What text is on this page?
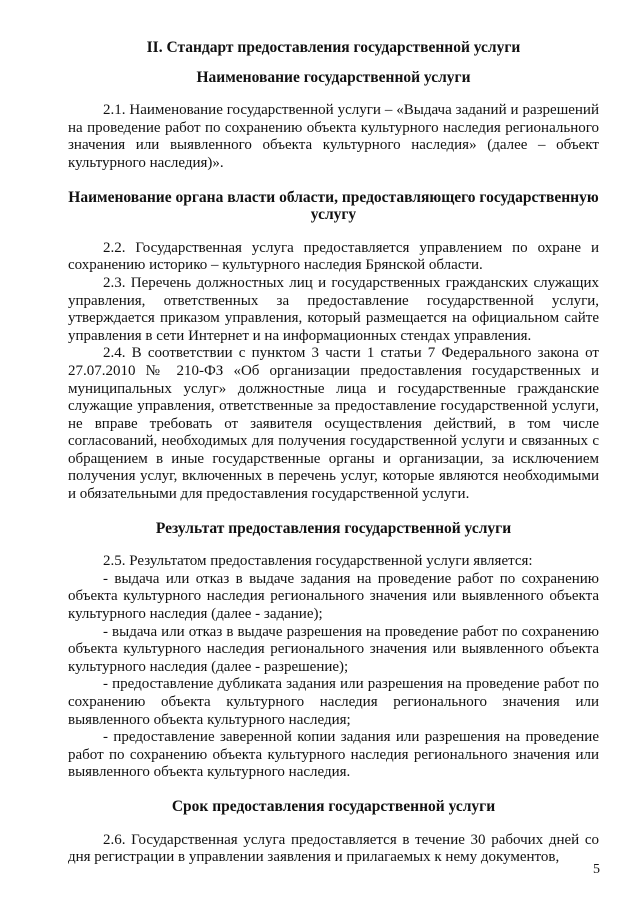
II. Стандарт предоставления государственной услуги
Наименование государственной услуги

2.1. Наименование государственной услуги – «Выдача заданий и разрешений на проведение работ по сохранению объекта культурного наследия регионального значения или выявленного объекта культурного наследия» (далее – объект культурного наследия)».

Наименование органа власти области, предоставляющего государственную услугу

2.2. Государственная услуга предоставляется управлением по охране и сохранению историко – культурного наследия Брянской области.

2.3. Перечень должностных лиц и государственных гражданских служащих управления, ответственных за предоставление государственной услуги, утверждается приказом управления, который размещается на официальном сайте управления в сети Интернет и на информационных стендах управления.

2.4. В соответствии с пунктом 3 части 1 статьи 7 Федерального закона от 27.07.2010 № 210-ФЗ «Об организации предоставления государственных и муниципальных услуг» должностные лица и государственные гражданские служащие управления, ответственные за предоставление государственной услуги, не вправе требовать от заявителя осуществления действий, в том числе согласований, необходимых для получения государственной услуги и связанных с обращением в иные государственные органы и организации, за исключением получения услуг, включенных в перечень услуг, которые являются необходимыми и обязательными для предоставления государственной услуги.

Результат предоставления государственной услуги

2.5. Результатом предоставления государственной услуги является:

- выдача или отказ в выдаче задания на проведение работ по сохранению объекта культурного наследия регионального значения или выявленного объекта культурного наследия (далее - задание);

- выдача или отказ в выдаче разрешения на проведение работ по сохранению объекта культурного наследия регионального значения или выявленного объекта культурного наследия (далее - разрешение);

- предоставление дубликата задания или разрешения на проведение работ по сохранению объекта культурного наследия регионального значения или выявленного объекта культурного наследия;

- предоставление заверенной копии задания или разрешения на проведение работ по сохранению объекта культурного наследия регионального значения или выявленного объекта культурного наследия.

Срок предоставления государственной услуги

2.6. Государственная услуга предоставляется в течение 30 рабочих дней со дня регистрации в управлении заявления и прилагаемых к нему документов,

5
